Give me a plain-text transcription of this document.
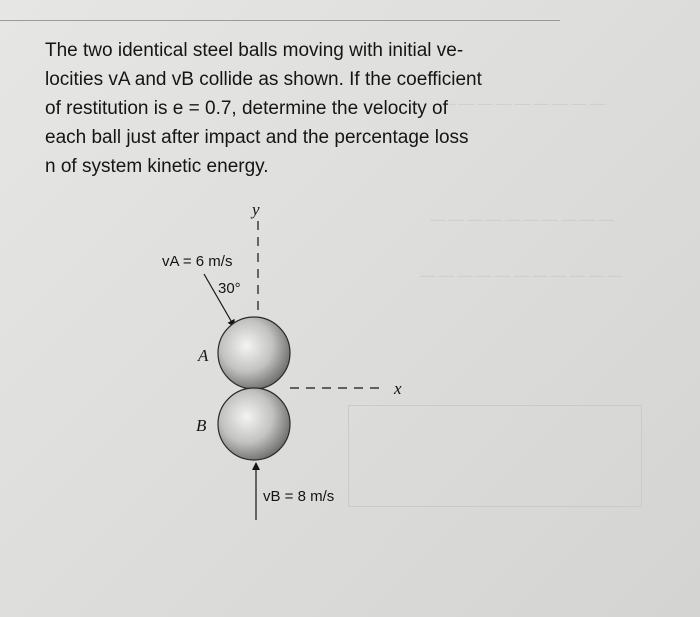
— — — — — — — — —
— — — — — — — — — —
— — — — — — — — — — —

The two identical steel balls moving with initial ve-
locities vA and vB collide as shown. If the coefficient
of restitution is e = 0.7, determine the velocity of
each ball just after impact and the percentage loss
n of system kinetic energy.

y
x
vA = 6 m/s
30°
A
B
vB = 8 m/s
